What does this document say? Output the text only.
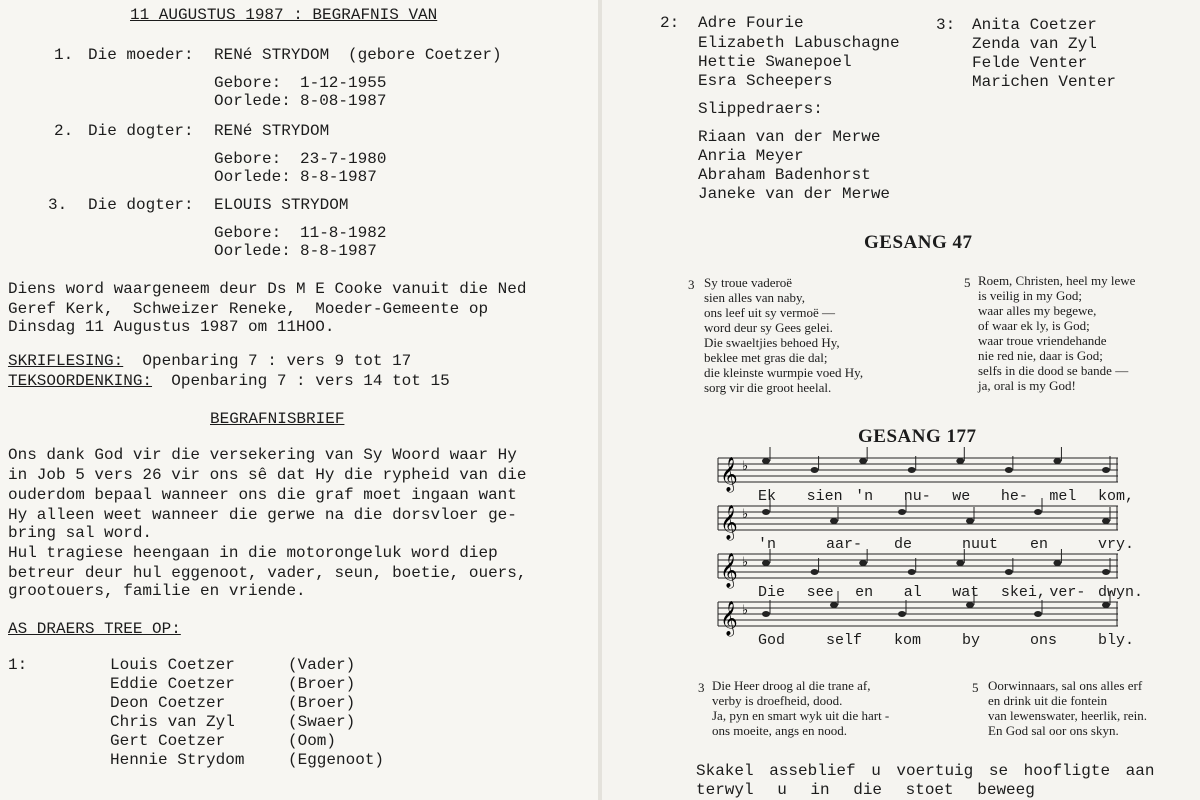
11 AUGUSTUS 1987 : BEGRAFNIS VAN
1. Die moeder: RENé STRYDOM (gebore Coetzer)
Gebore: 1-12-1955
Oorlede: 8-08-1987
2. Die dogter: RENé STRYDOM
Gebore: 23-7-1980
Oorlede: 8-8-1987
3. Die dogter: ELOUIS STRYDOM
Gebore: 11-8-1982
Oorlede: 8-8-1987
Diens word waargeneem deur Ds M E Cooke vanuit die Ned
Geref Kerk,  Schweizer Reneke,  Moeder-Gemeente op
Dinsdag 11 Augustus 1987 om 11HOO.
SKRIFLESING:  Openbaring 7 : vers 9 tot 17
TEKSOORDENKING:  Openbaring 7 : vers 14 tot 15
BEGRAFNISBRIEF
Ons dank God vir die versekering van Sy Woord waar Hy
in Job 5 vers 26 vir ons sê dat Hy die rypheid van die
ouderdom bepaal wanneer ons die graf moet ingaan want
Hy alleen weet wanneer die gerwe na die dorsvloer ge-
bring sal word.
Hul tragiese heengaan in die motorongeluk word diep
betreur deur hul eggenoot, vader, seun, boetie, ouers,
grootouers, familie en vriende.
AS DRAERS TREE OP:
1:	Louis Coetzer	(Vader)
Eddie Coetzer	(Broer)
Deon Coetzer	(Broer)
Chris van Zyl	(Swaer)
Gert Coetzer	(Oom)
Hennie Strydom	(Eggenoot)
2: Adre Fourie
Elizabeth Labuschagne
Hettie Swanepoel
Esra Scheepers
3: Anita Coetzer
Zenda van Zyl
Felde Venter
Marichen Venter
Slippedraers:
Riaan van der Merwe
Anria Meyer
Abraham Badenhorst
Janeke van der Merwe
GESANG 47
3 Sy troue vaderoë
sien alles van naby,
ons leef uit sy vermoë —
word deur sy Gees gelei.
Die swaeltjies behoed Hy,
beklee met gras die dal;
die kleinste wurmpie voed Hy,
sorg vir die groot heelal.
5 Roem, Christen, heel my lewe
is veilig in my God;
waar alles my begewe,
of waar ek ly, is God;
waar troue vriendehande
nie red nie, daar is God;
selfs in die dood se bande —
ja, oral is my God!
GESANG 177
𝄞 ♭
Ek sien 'n nu- we he- mel kom,
𝄞 ♭
'n	aar- de	nuut en	vry.
𝄞 ♭
Die see en al wat skei, ver- dwyn.
𝄞 ♭
God	self kom	by	ons	bly.
3 Die Heer droog al die trane af,
verby is droefheid, dood.
Ja, pyn en smart wyk uit die hart -
ons moeite, angs en nood.
5 Oorwinnaars, sal ons alles erf
en drink uit die fontein
van lewenswater, heerlik, rein.
En God sal oor ons skyn.
Skakel asseblief u voertuig se hoofligte aan
terwyl u in die stoet beweeg
